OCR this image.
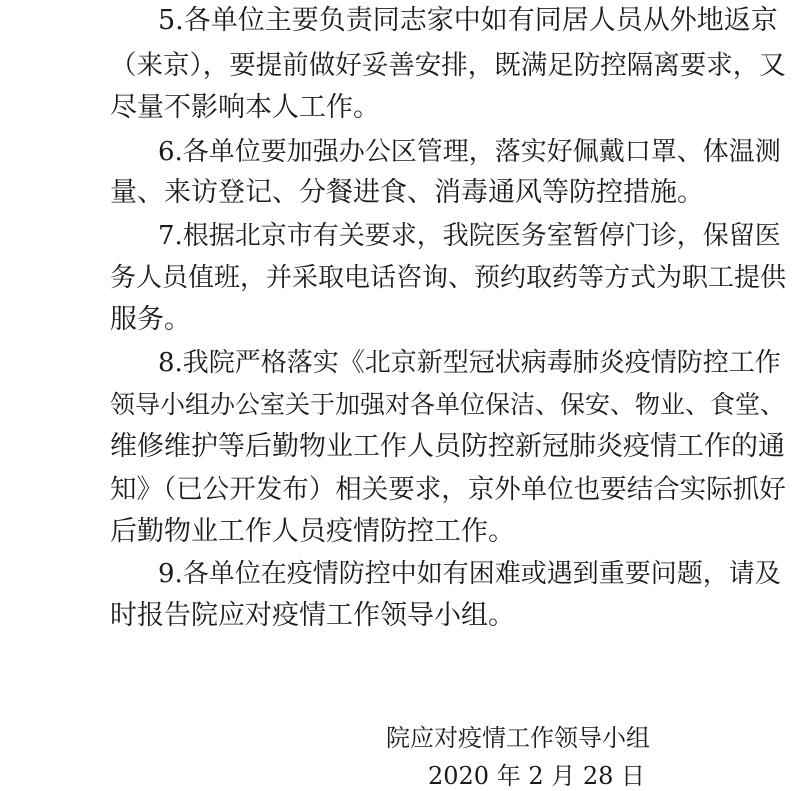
5.各单位主要负责同志家中如有同居人员从外地返京
（来京），要提前做好妥善安排，既满足防控隔离要求，又
尽量不影响本人工作。
6.各单位要加强办公区管理，落实好佩戴口罩、体温测
量、来访登记、分餐进食、消毒通风等防控措施。
7.根据北京市有关要求，我院医务室暂停门诊，保留医
务人员值班，并采取电话咨询、预约取药等方式为职工提供
服务。
8.我院严格落实《北京新型冠状病毒肺炎疫情防控工作
领导小组办公室关于加强对各单位保洁、保安、物业、食堂、
维修维护等后勤物业工作人员防控新冠肺炎疫情工作的通
知》（已公开发布）相关要求，京外单位也要结合实际抓好
后勤物业工作人员疫情防控工作。
9.各单位在疫情防控中如有困难或遇到重要问题，请及
时报告院应对疫情工作领导小组。
院应对疫情工作领导小组
2020 年 2 月 28 日
